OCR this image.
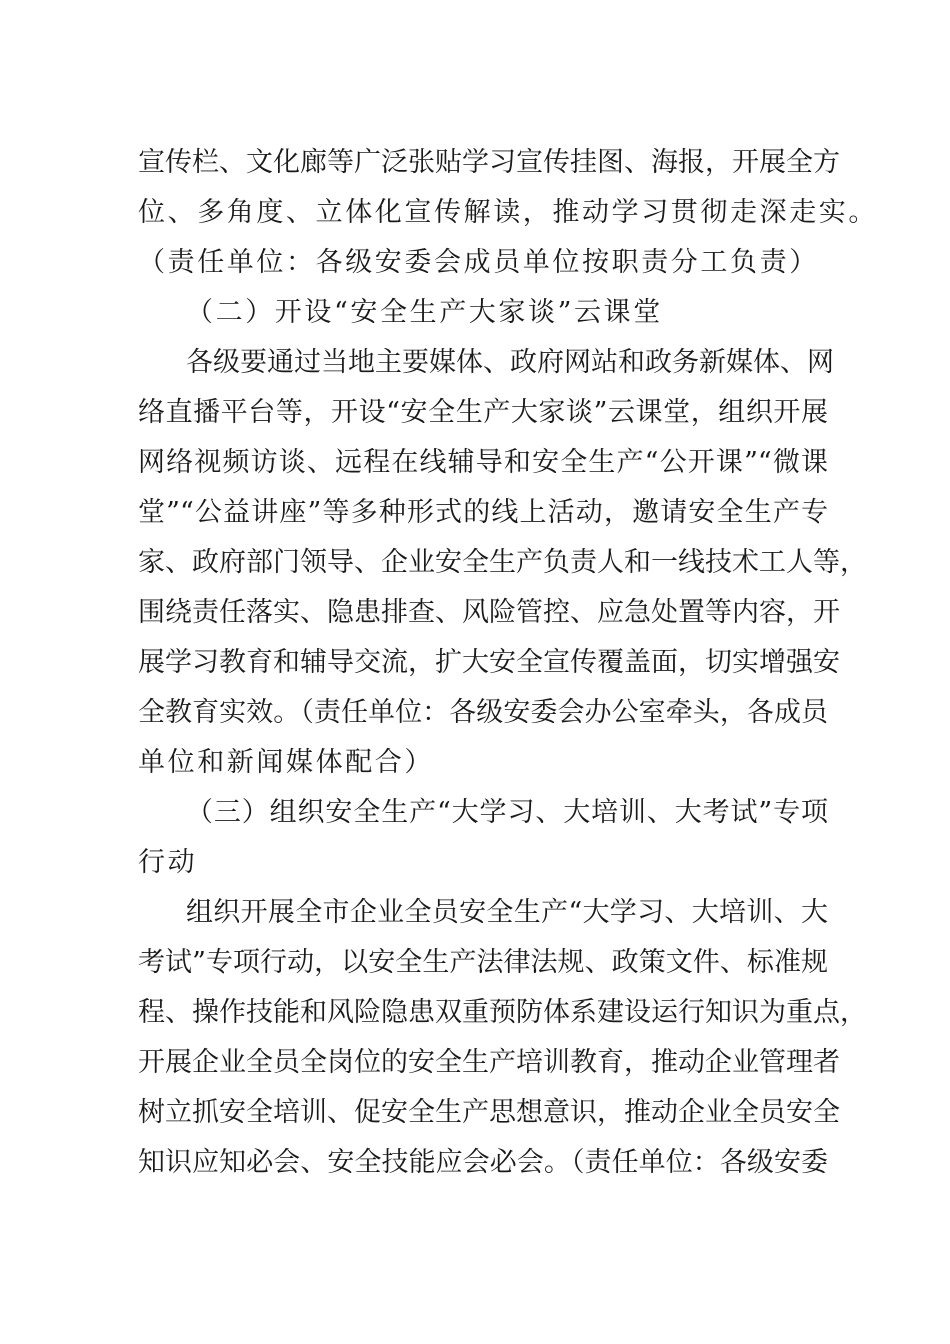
宣传栏、文化廊等广泛张贴学习宣传挂图、海报，开展全方
位、多角度、立体化宣传解读，推动学习贯彻走深走实。
（责任单位：各级安委会成员单位按职责分工负责）
（二）开设“安全生产大家谈”云课堂
各级要通过当地主要媒体、政府网站和政务新媒体、网
络直播平台等，开设“安全生产大家谈”云课堂，组织开展
网络视频访谈、远程在线辅导和安全生产“公开课”“微课
堂”“公益讲座”等多种形式的线上活动，邀请安全生产专
家、政府部门领导、企业安全生产负责人和一线技术工人等，
围绕责任落实、隐患排查、风险管控、应急处置等内容，开
展学习教育和辅导交流，扩大安全宣传覆盖面，切实增强安
全教育实效。（责任单位：各级安委会办公室牵头，各成员
单位和新闻媒体配合）
（三）组织安全生产“大学习、大培训、大考试”专项
行动
组织开展全市企业全员安全生产“大学习、大培训、大
考试”专项行动，以安全生产法律法规、政策文件、标准规
程、操作技能和风险隐患双重预防体系建设运行知识为重点，
开展企业全员全岗位的安全生产培训教育，推动企业管理者
树立抓安全培训、促安全生产思想意识，推动企业全员安全
知识应知必会、安全技能应会必会。（责任单位：各级安委
